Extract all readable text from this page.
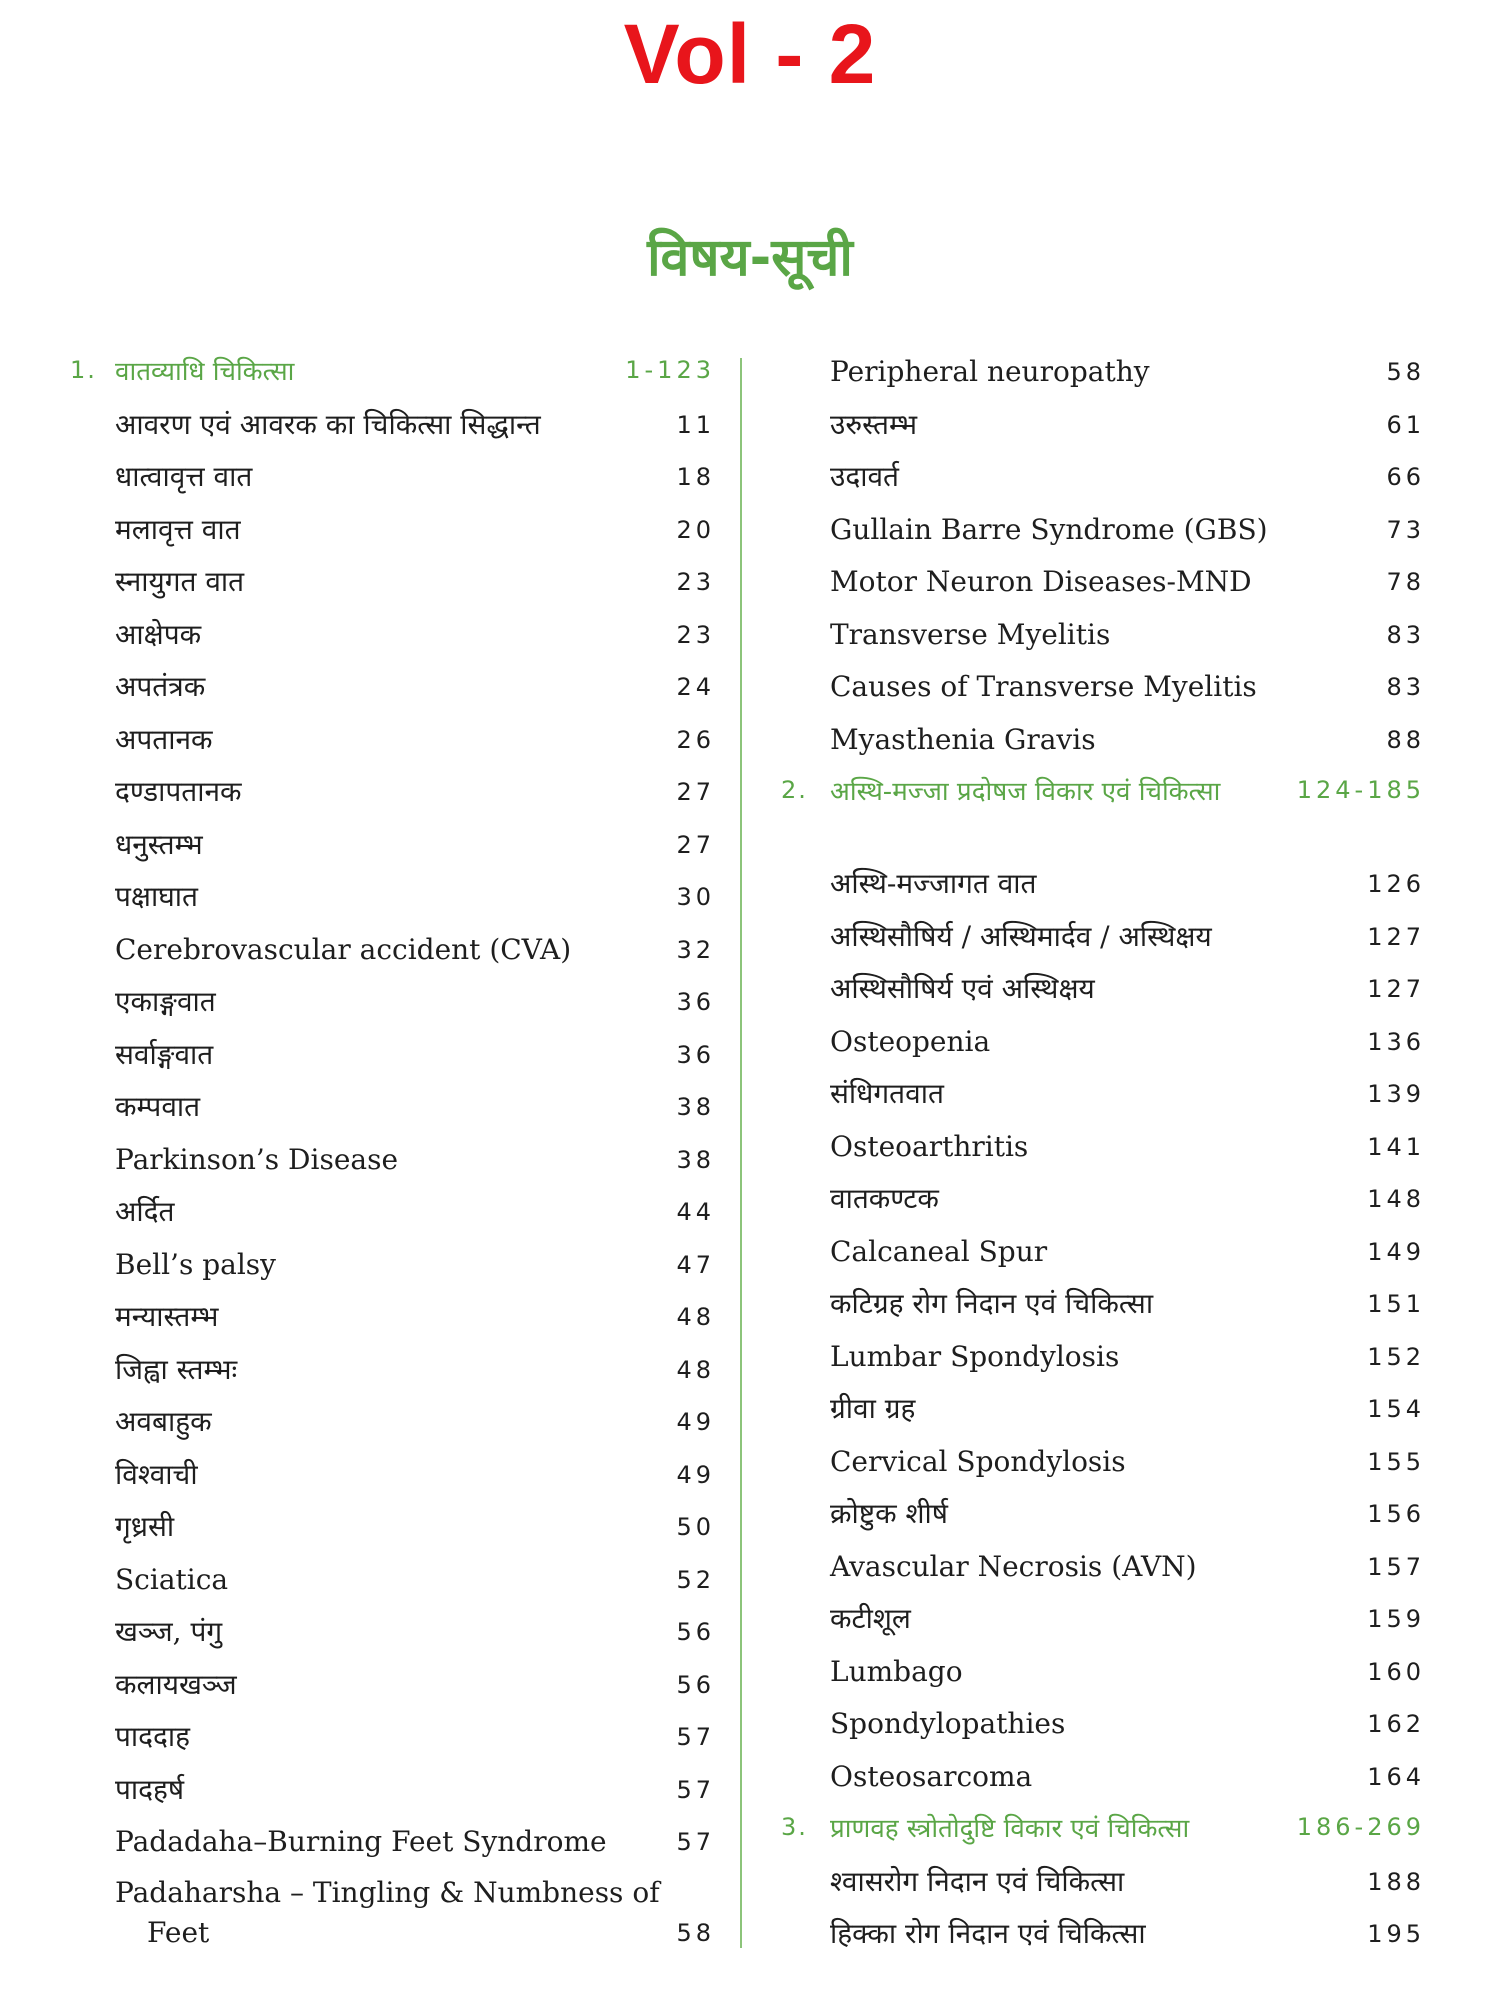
Vol - 2
विषय-सूची
1. वातव्याधि चिकित्सा	1-123
आवरण एवं आवरक का चिकित्सा सिद्धान्त	11
धात्वावृत्त वात	18
मलावृत्त वात	20
स्नायुगत वात	23
आक्षेपक	23
अपतंत्रक	24
अपतानक	26
दण्डापतानक	27
धनुस्तम्भ	27
पक्षाघात	30
Cerebrovascular accident (CVA)	32
एकाङ्गवात	36
सर्वाङ्गवात	36
कम्पवात	38
Parkinson’s Disease	38
अर्दित	44
Bell’s palsy	47
मन्यास्तम्भ	48
जिह्वा स्तम्भः	48
अवबाहुक	49
विश्वाची	49
गृध्रसी	50
Sciatica	52
खञ्ज, पंगु	56
कलायखञ्ज	56
पाददाह	57
पादहर्ष	57
Padadaha–Burning Feet Syndrome	57
Padaharsha – Tingling & Numbness of
Feet	58
Peripheral neuropathy	58
उरुस्तम्भ	61
उदावर्त	66
Gullain Barre Syndrome (GBS)	73
Motor Neuron Diseases-MND	78
Transverse Myelitis	83
Causes of Transverse Myelitis	83
Myasthenia Gravis	88
2. अस्थि-मज्जा प्रदोषज विकार एवं चिकित्सा	124-185
अस्थि-मज्जागत वात	126
अस्थिसौषिर्य / अस्थिमार्दव / अस्थिक्षय	127
अस्थिसौषिर्य एवं अस्थिक्षय	127
Osteopenia	136
संधिगतवात	139
Osteoarthritis	141
वातकण्टक	148
Calcaneal Spur	149
कटिग्रह रोग निदान एवं चिकित्सा	151
Lumbar Spondylosis	152
ग्रीवा ग्रह	154
Cervical Spondylosis	155
क्रोष्टुक शीर्ष	156
Avascular Necrosis (AVN)	157
कटीशूल	159
Lumbago	160
Spondylopathies	162
Osteosarcoma	164
3. प्राणवह स्त्रोतोदुष्टि विकार एवं चिकित्सा	186-269
श्वासरोग निदान एवं चिकित्सा	188
हिक्का रोग निदान एवं चिकित्सा	195
